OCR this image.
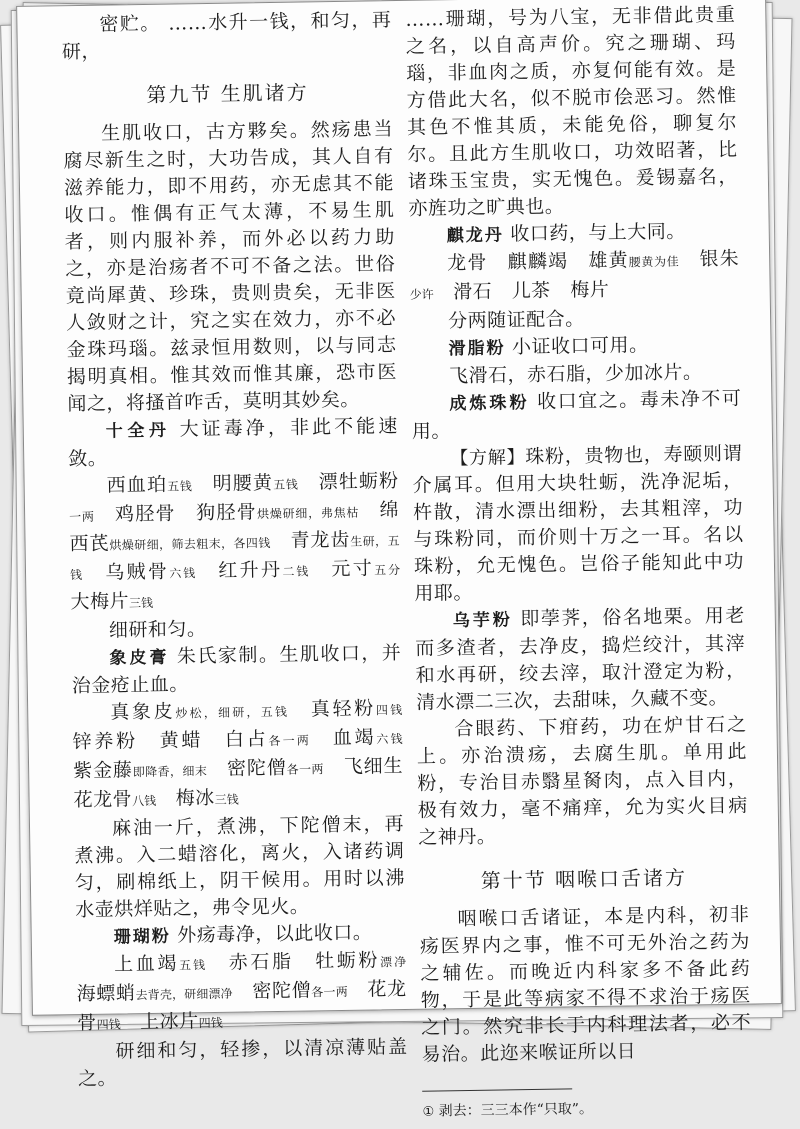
密贮。 ……水升一钱，和匀，再研，

第九节 生肌诸方

生肌收口，古方夥矣。然疡患当腐尽新生之时，大功告成，其人自有滋养能力，即不用药，亦无虑其不能收口。惟偶有正气太薄，不易生肌者，则内服补养，而外必以药力助之，亦是治疡者不可不备之法。世俗竟尚犀黄、珍珠，贵则贵矣，无非医人敛财之计，究之实在效力，亦不必金珠玛瑙。兹录恒用数则，以与同志揭明真相。惟其效而惟其廉，恐市医闻之，将搔首咋舌，莫明其妙矣。

十全丹 大证毒净，非此不能速敛。

西血珀五钱　 明腰黄五钱　 漂牡蛎粉一两　 鸡胫骨　 狗胫骨烘燥研细，弗焦枯　 绵西芪烘燥研细，筛去粗末，各四钱　 青龙齿生研，五钱　 乌贼骨六钱　 红升丹二钱　 元寸五分　大梅片三钱

细研和匀。

象皮膏 朱氏家制。生肌收口，并治金疮止血。

真象皮炒松，细研，五钱　 真轻粉四钱　锌养粉　 黄蜡　 白占各一两　 血竭六钱　紫金藤即降香，细末　 密陀僧各一两　 飞细生花龙骨八钱　 梅冰三钱

麻油一斤，煮沸，下陀僧末，再煮沸。入二蜡溶化，离火，入诸药调匀，刷棉纸上，阴干候用。用时以沸水壶烘烊贴之，弗令见火。

珊瑚粉 外疡毒净，以此收口。

上血竭五钱　 赤石脂　 牡蛎粉漂净　海螵蛸去背壳，研细漂净　 密陀僧各一两　 花龙骨四钱　 上冰片四钱

研细和匀，轻掺，以清凉薄贴盖之。

……珊瑚，号为八宝，无非借此贵重之名，以自高声价。究之珊瑚、玛瑙，非血肉之质，亦复何能有效。是方借此大名，似不脱市侩恶习。然惟其色不惟其质，未能免俗，聊复尔尔。且此方生肌收口，功效昭著，比诸珠玉宝贵，实无愧色。爰锡嘉名，亦旌功之旷典也。

麒龙丹 收口药，与上大同。

龙骨　 麒麟竭　 雄黄腰黄为佳　 银朱少许　 滑石　 儿茶　 梅片

分两随证配合。

滑脂粉 小证收口可用。

飞滑石，赤石脂，少加冰片。

成炼珠粉 收口宜之。毒未净不可用。

【方解】珠粉，贵物也，寿颐则谓介属耳。但用大块牡蛎，洗净泥垢，杵散，清水漂出细粉，去其粗滓，功与珠粉同，而价则十万之一耳。名以珠粉，允无愧色。岂俗子能知此中功用耶。

乌芋粉 即荸荠，俗名地栗。用老而多渣者，去净皮，捣烂绞汁，其滓和水再研，绞去滓，取汁澄定为粉，清水漂二三次，去甜味，久藏不变。

合眼药、下疳药，功在炉甘石之上。亦治溃疡，去腐生肌。单用此粉，专治目赤翳星胬肉，点入目内，极有效力，毫不痛痒，允为实火目病之神丹。

第十节 咽喉口舌诸方

咽喉口舌诸证，本是内科，初非疡医界内之事，惟不可无外治之药为之辅佐。而晚近内科家多不备此药物，于是此等病家不得不求治于疡医之门。然究非长于内科理法者，必不易治。此迩来喉证所以日

① 剥去：三三本作“只取”。
